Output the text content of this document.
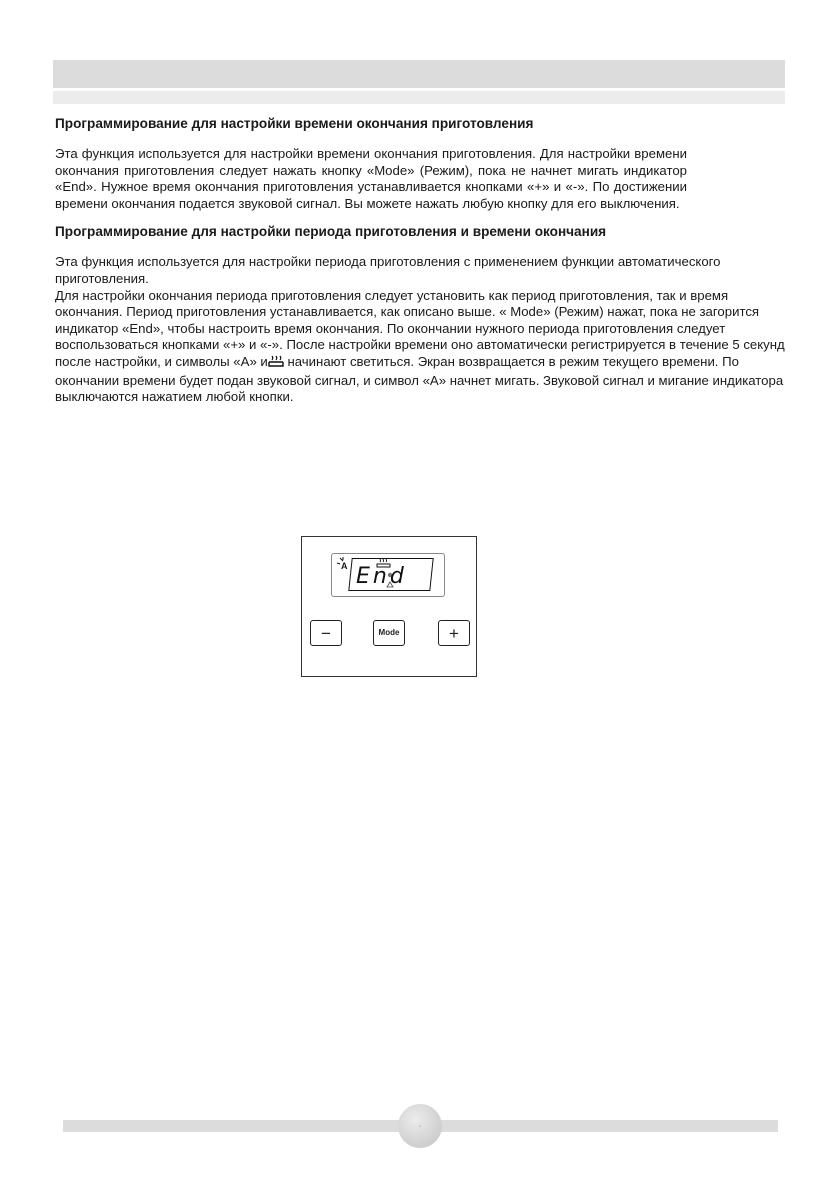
Программирование для настройки времени окончания приготовления

Эта функция используется для настройки времени окончания приготовления. Для настройки времени окончания приготовления следует нажать кнопку «Mode» (Режим), пока не начнет мигать индикатор «End». Нужное время окончания приготовления устанавливается кнопками «+» и «-». По достижении времени окончания подается звуковой сигнал. Вы можете нажать любую кнопку для его выключения.

Программирование для настройки периода приготовления и времени окончания

Эта функция используется для настройки периода приготовления с применением функции автоматического приготовления.
Для настройки окончания периода приготовления следует установить как период приготовления, так и время окончания. Период приготовления устанавливается, как описано выше. « Mode» (Режим) нажат, пока не загорится индикатор «End», чтобы настроить время окончания. По окончании нужного периода приготовления следует воспользоваться кнопками «+» и «-». После настройки времени оно автоматически регистрируется в течение 5 секунд после настройки, и символы «A» и начинают светиться. Экран возвращается в режим текущего времени. По окончании времени будет подан звуковой сигнал, и символ «A» начнет мигать. Звуковой сигнал и мигание индикатора выключаются нажатием любой кнопки.

A End
−	Mode	+
·
